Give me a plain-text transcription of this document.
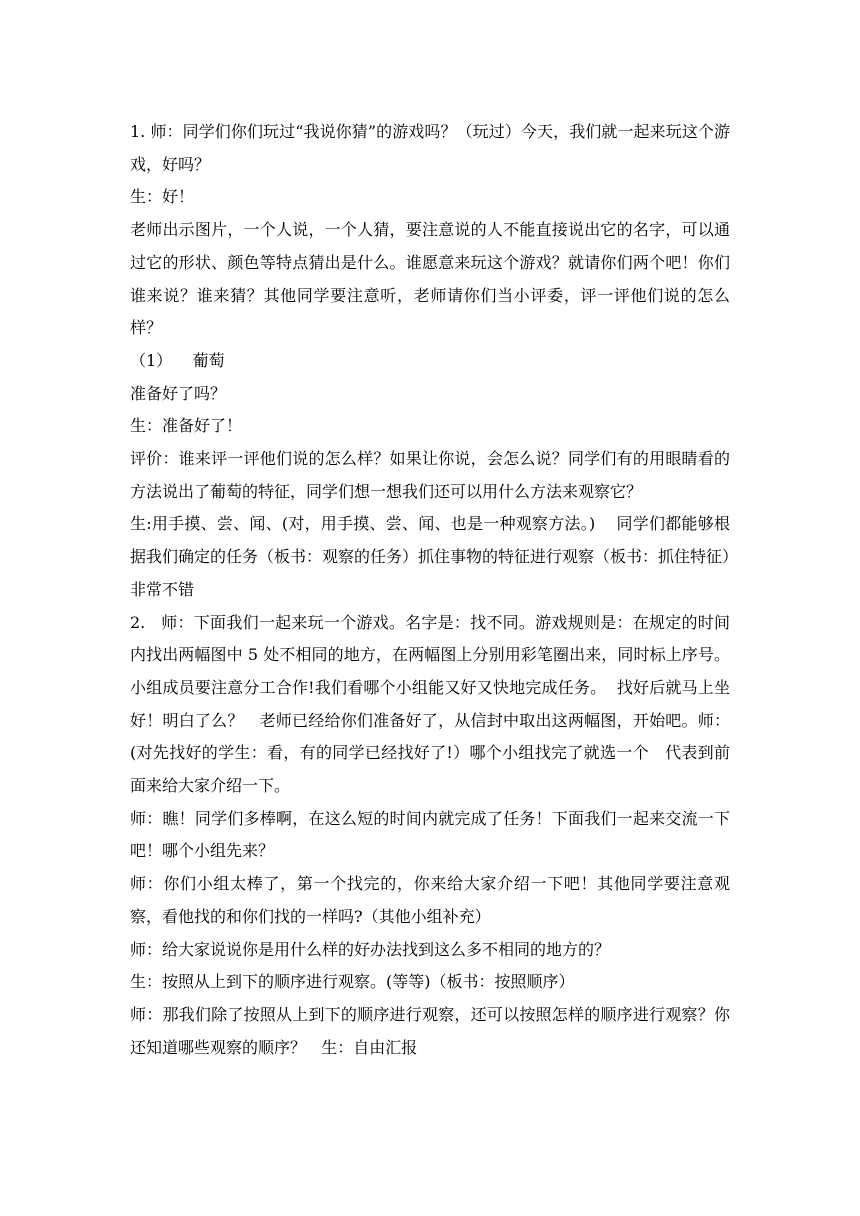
1. 师：同学们你们玩过“我说你猜”的游戏吗？（玩过）今天，我们就一起来玩这个游戏，好吗？

生：好！

老师出示图片，一个人说，一个人猜，要注意说的人不能直接说出它的名字，可以通过它的形状、颜色等特点猜出是什么。谁愿意来玩这个游戏？就请你们两个吧！你们谁来说？谁来猜？其他同学要注意听，老师请你们当小评委，评一评他们说的怎么样？

（1）    葡萄

准备好了吗？

生：准备好了！

评价：谁来评一评他们说的怎么样？如果让你说，会怎么说？同学们有的用眼睛看的方法说出了葡萄的特征，同学们想一想我们还可以用什么方法来观察它？

生:用手摸、尝、闻、(对，用手摸、尝、闻、也是一种观察方法。)    同学们都能够根据我们确定的任务（板书：观察的任务）抓住事物的特征进行观察（板书：抓住特征）非常不错

2.   师：下面我们一起来玩一个游戏。名字是：找不同。游戏规则是：在规定的时间内找出两幅图中 5 处不相同的地方，在两幅图上分别用彩笔圈出来，同时标上序号。小组成员要注意分工合作!我们看哪个小组能又好又快地完成任务。  找好后就马上坐好！明白了么？   老师已经给你们准备好了，从信封中取出这两幅图，开始吧。师：(对先找好的学生：看，有的同学已经找好了!）哪个小组找完了就选一个   代表到前面来给大家介绍一下。

师：瞧！同学们多棒啊，在这么短的时间内就完成了任务！下面我们一起来交流一下吧！哪个小组先来？

师：你们小组太棒了，第一个找完的，你来给大家介绍一下吧！其他同学要注意观察，看他找的和你们找的一样吗?（其他小组补充）

师：给大家说说你是用什么样的好办法找到这么多不相同的地方的？

生：按照从上到下的顺序进行观察。(等等)（板书：按照顺序）

师：那我们除了按照从上到下的顺序进行观察，还可以按照怎样的顺序进行观察？你还知道哪些观察的顺序？   生：自由汇报
